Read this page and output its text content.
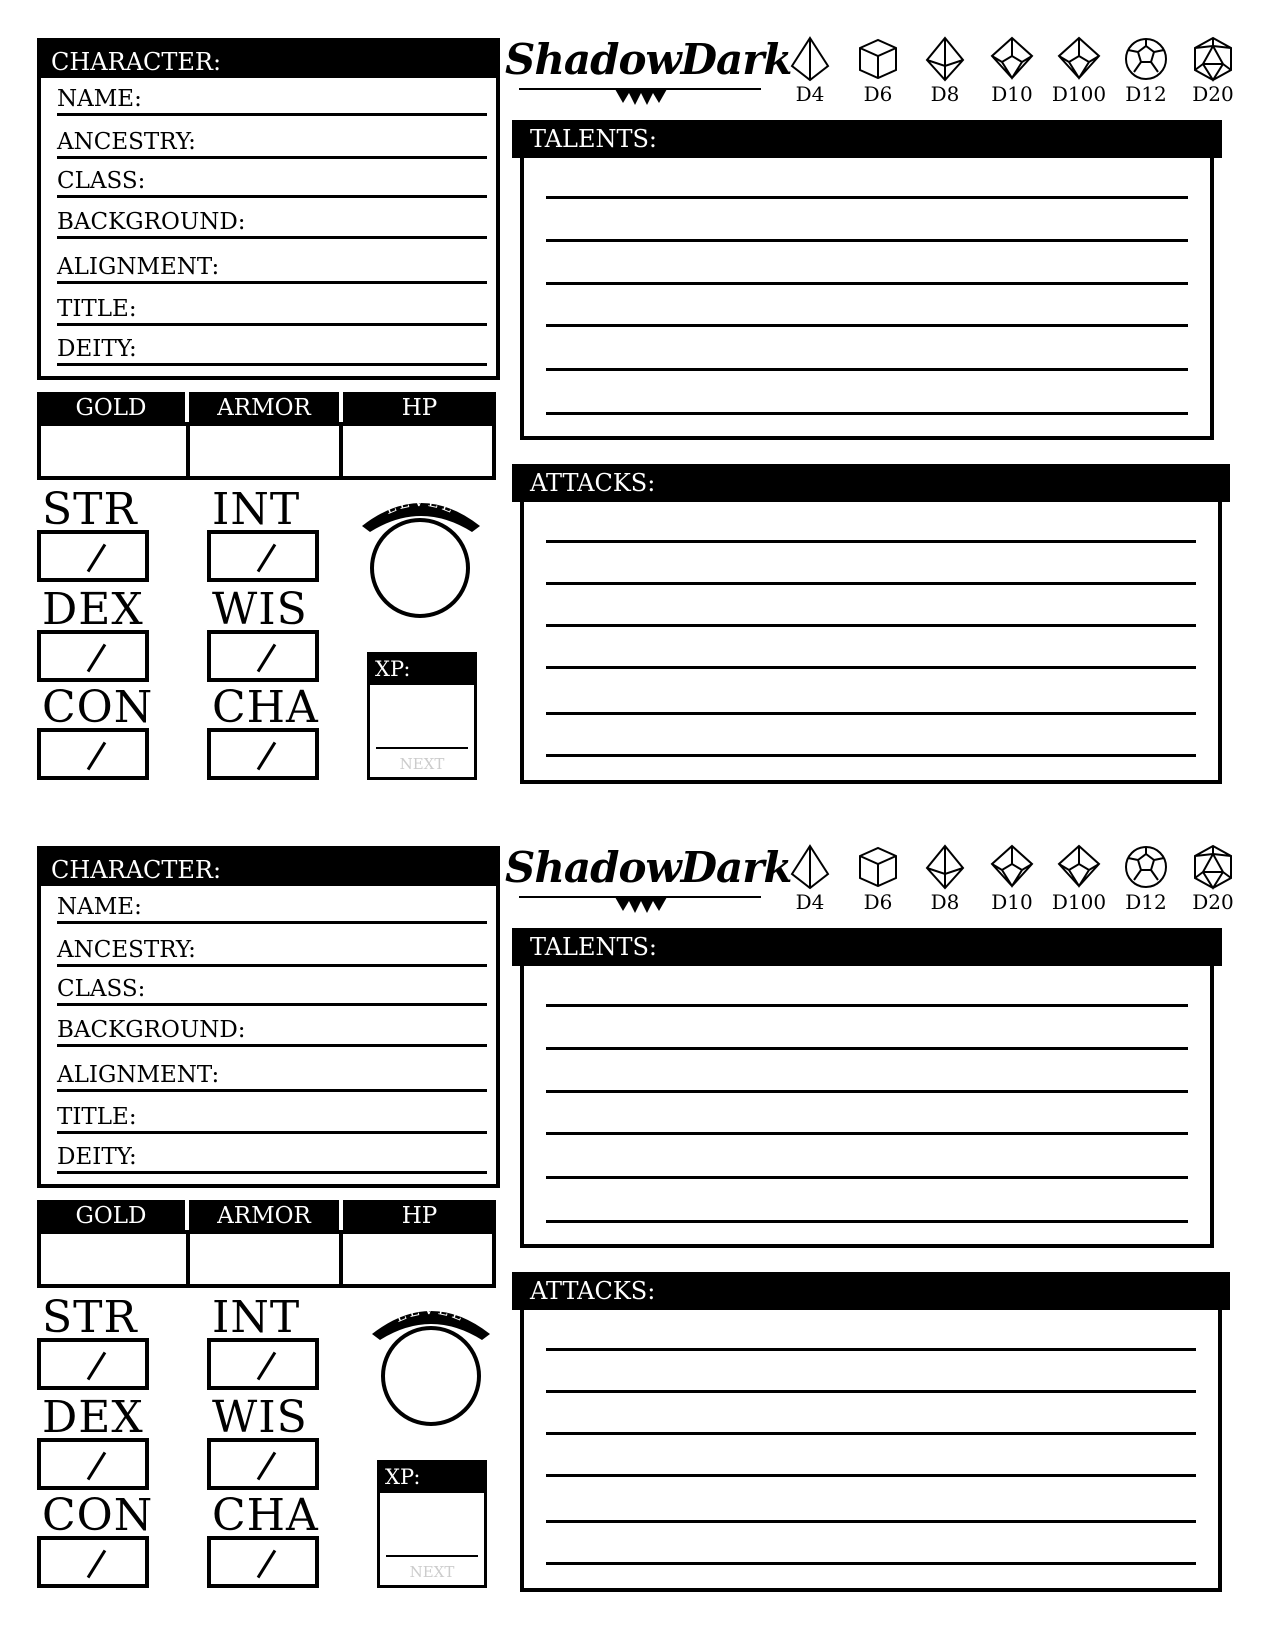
CHARACTER:
NAME:
ANCESTRY:
CLASS:
BACKGROUND:
ALIGNMENT:
TITLE:
DEITY:
GOLD	ARMOR	HP
STR INT
DEX WIS
CON CHA
LEVEL
XP:
NEXT
ShadowDark
D4	D6	D8	D10 D100 D12	D20
TALENTS:
ATTACKS:
CHARACTER:
NAME:
ANCESTRY:
CLASS:
BACKGROUND:
ALIGNMENT:
TITLE:
DEITY:
GOLD	ARMOR	HP
STR INT
DEX WIS
CON CHA
LEVEL
XP:
NEXT
ShadowDark
D4	D6	D8	D10 D100 D12	D20
TALENTS:
ATTACKS:
